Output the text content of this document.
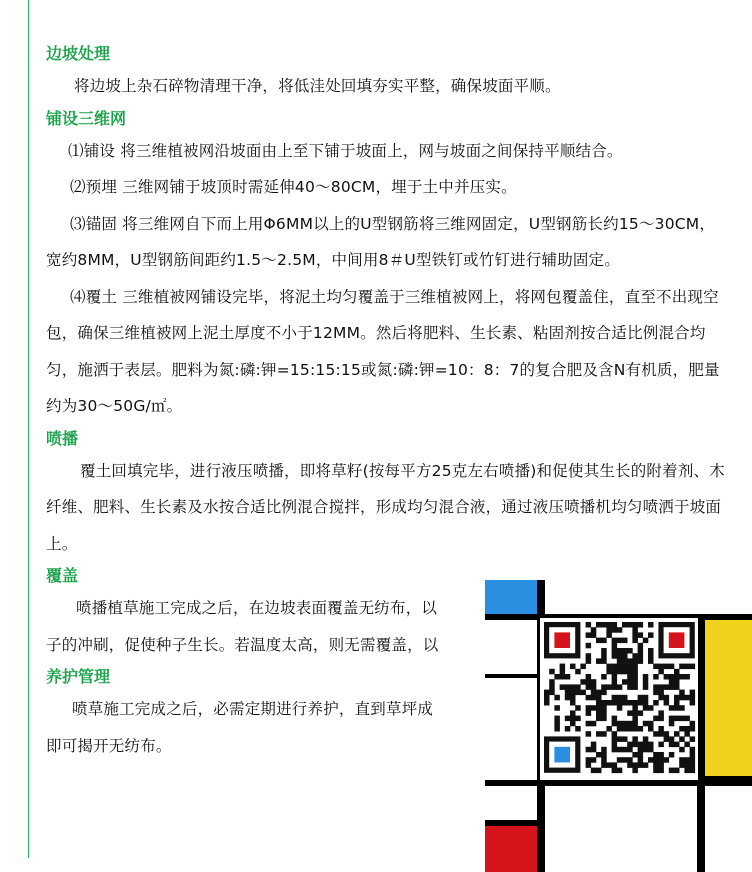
边坡处理

将边坡上杂石碎物清理干净，将低洼处回填夯实平整，确保坡面平顺。

铺设三维网

⑴铺设 将三维植被网沿坡面由上至下铺于坡面上，网与坡面之间保持平顺结合。

⑵预埋 三维网铺于坡顶时需延伸40～80CM，埋于土中并压实。

⑶锚固 将三维网自下而上用Φ6MM以上的U型钢筋将三维网固定，U型钢筋长约15～30CM，宽约8MM，U型钢筋间距约1.5～2.5M，中间用8＃U型铁钉或竹钉进行辅助固定。

⑷覆土 三维植被网铺设完毕，将泥土均匀覆盖于三维植被网上，将网包覆盖住，直至不出现空包，确保三维植被网上泥土厚度不小于12MM。然后将肥料、生长素、粘固剂按合适比例混合均匀，施洒于表层。肥料为氮:磷:钾=15:15:15或氮:磷:钾=10：8：7的复合肥及含N有机质，肥量约为30～50G/㎡。

喷播

覆土回填完毕，进行液压喷播，即将草籽(按每平方25克左右喷播)和促使其生长的附着剂、木纤维、肥料、生长素及水按合适比例混合搅拌，形成均匀混合液，通过液压喷播机均匀喷洒于坡面上。

覆盖

喷播植草施工完成之后，在边坡表面覆盖无纺布，以

子的冲刷，促使种子生长。若温度太高，则无需覆盖，以

养护管理

喷草施工完成之后，必需定期进行养护，直到草坪成

即可揭开无纺布。
